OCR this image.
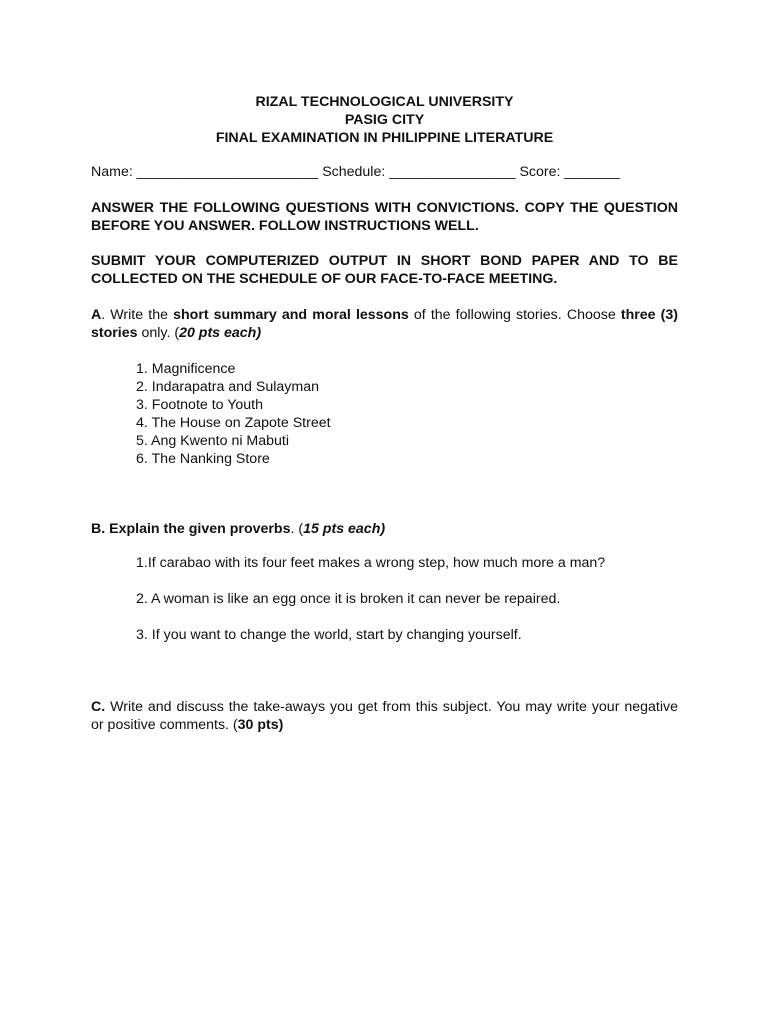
RIZAL TECHNOLOGICAL UNIVERSITY
PASIG CITY
FINAL EXAMINATION IN PHILIPPINE LITERATURE
Name: _______________________ Schedule: ________________ Score: _______
ANSWER THE FOLLOWING QUESTIONS WITH CONVICTIONS. COPY THE QUESTION BEFORE YOU ANSWER. FOLLOW INSTRUCTIONS WELL.
SUBMIT YOUR COMPUTERIZED OUTPUT IN SHORT BOND PAPER AND TO BE COLLECTED ON THE SCHEDULE OF OUR FACE-TO-FACE MEETING.
A. Write the short summary and moral lessons of the following stories. Choose three (3) stories only. (20 pts each)
1. Magnificence
2. Indarapatra and Sulayman
3. Footnote to Youth
4. The House on Zapote Street
5. Ang Kwento ni Mabuti
6. The Nanking Store
B. Explain the given proverbs. (15 pts each)
1.If carabao with its four feet makes a wrong step, how much more a man?
2. A woman is like an egg once it is broken it can never be repaired.
3. If you want to change the world, start by changing yourself.
C. Write and discuss the take-aways you get from this subject. You may write your negative or positive comments. (30 pts)
